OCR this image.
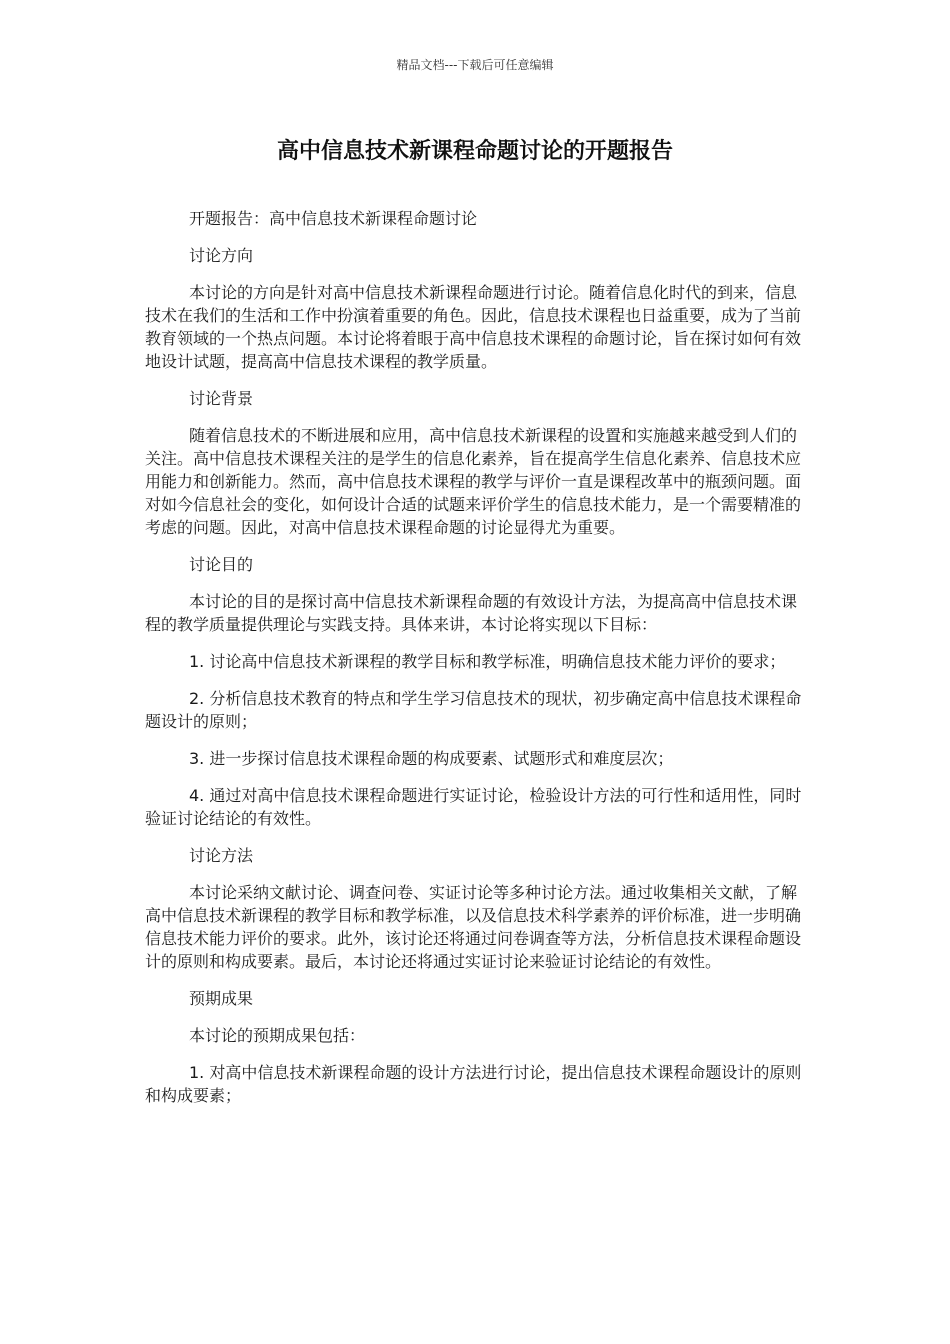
精品文档---下载后可任意编辑
高中信息技术新课程命题讨论的开题报告

开题报告：高中信息技术新课程命题讨论

讨论方向

本讨论的方向是针对高中信息技术新课程命题进行讨论。随着信息化时代的到来，信息技术在我们的生活和工作中扮演着重要的角色。因此，信息技术课程也日益重要，成为了当前教育领域的一个热点问题。本讨论将着眼于高中信息技术课程的命题讨论，旨在探讨如何有效地设计试题，提高高中信息技术课程的教学质量。

讨论背景

随着信息技术的不断进展和应用，高中信息技术新课程的设置和实施越来越受到人们的关注。高中信息技术课程关注的是学生的信息化素养，旨在提高学生信息化素养、信息技术应用能力和创新能力。然而，高中信息技术课程的教学与评价一直是课程改革中的瓶颈问题。面对如今信息社会的变化，如何设计合适的试题来评价学生的信息技术能力，是一个需要精准的考虑的问题。因此，对高中信息技术课程命题的讨论显得尤为重要。

讨论目的

本讨论的目的是探讨高中信息技术新课程命题的有效设计方法，为提高高中信息技术课程的教学质量提供理论与实践支持。具体来讲，本讨论将实现以下目标：

1. 讨论高中信息技术新课程的教学目标和教学标准，明确信息技术能力评价的要求；

2. 分析信息技术教育的特点和学生学习信息技术的现状，初步确定高中信息技术课程命题设计的原则；

3. 进一步探讨信息技术课程命题的构成要素、试题形式和难度层次；

4. 通过对高中信息技术课程命题进行实证讨论，检验设计方法的可行性和适用性，同时验证讨论结论的有效性。

讨论方法

本讨论采纳文献讨论、调查问卷、实证讨论等多种讨论方法。通过收集相关文献，了解高中信息技术新课程的教学目标和教学标准，以及信息技术科学素养的评价标准，进一步明确信息技术能力评价的要求。此外，该讨论还将通过问卷调查等方法，分析信息技术课程命题设计的原则和构成要素。最后，本讨论还将通过实证讨论来验证讨论结论的有效性。

预期成果

本讨论的预期成果包括：

1. 对高中信息技术新课程命题的设计方法进行讨论，提出信息技术课程命题设计的原则和构成要素；
